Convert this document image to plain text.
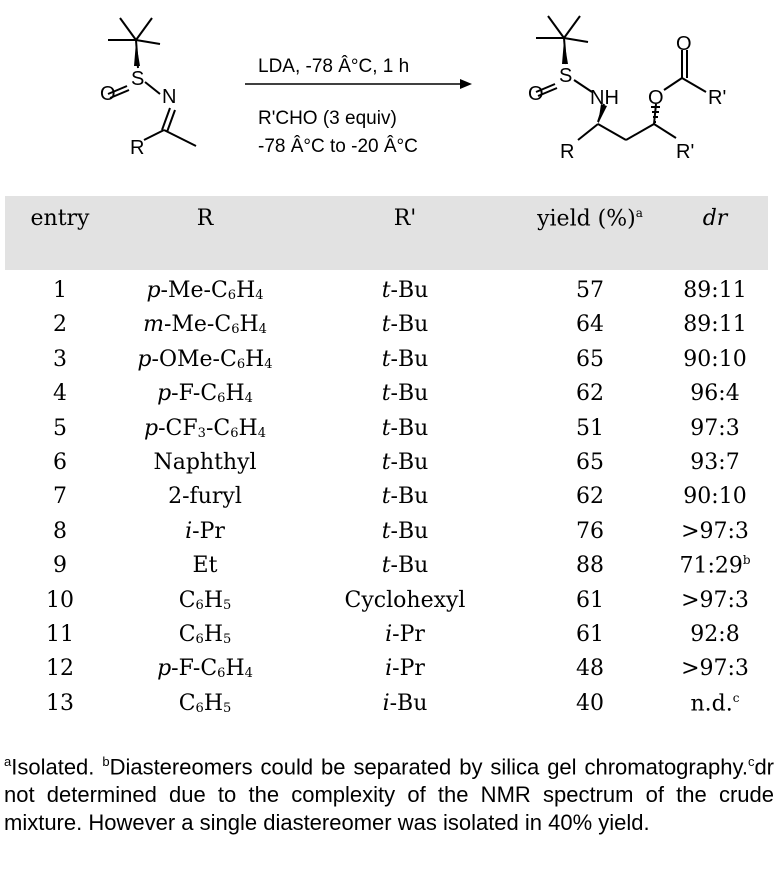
O
S
N
R
O
S
NH
R
O
O
R'
R'
LDA, -78 Â°C, 1 h
R'CHO (3 equiv)
-78 Â°C to -20 Â°C
entry	R	R'	yield (%)$^a$	dr
1	$p-Me-C_6H_4$	t-Bu	57	89:11
2	$m-Me-C_6H_4$	t-Bu	64	89:11
3	$p-OMe-C_6H_4$	t-Bu	65	90:10
4	$p-F-C_6H_4$	t-Bu	62	96:4
5	$p-CF_3-C_6H_4$	t-Bu	51	97:3
6	Naphthyl	t-Bu	65	93:7
7	2-furyl	t-Bu	62	90:10
8	i-Pr	t-Bu	76	>97:3
9	Et	t-Bu	88	71:29$^b$
10	$C_6H_5$	Cyclohexyl	61	>97:3
11	$C_6H_5$	i-Pr	61	92:8
12	$p-F-C_6H_4$	i-Pr	48	>97:3
13	$C_6H_5$	i-Bu	40	n.d.$^c$
$^a$Isolated. $^b$Diastereomers could be separated by silica gel chromatography.$^c$dr not determined due to the complexity of the NMR spectrum of the crude mixture. However a single diastereomer was isolated in 40% yield.
